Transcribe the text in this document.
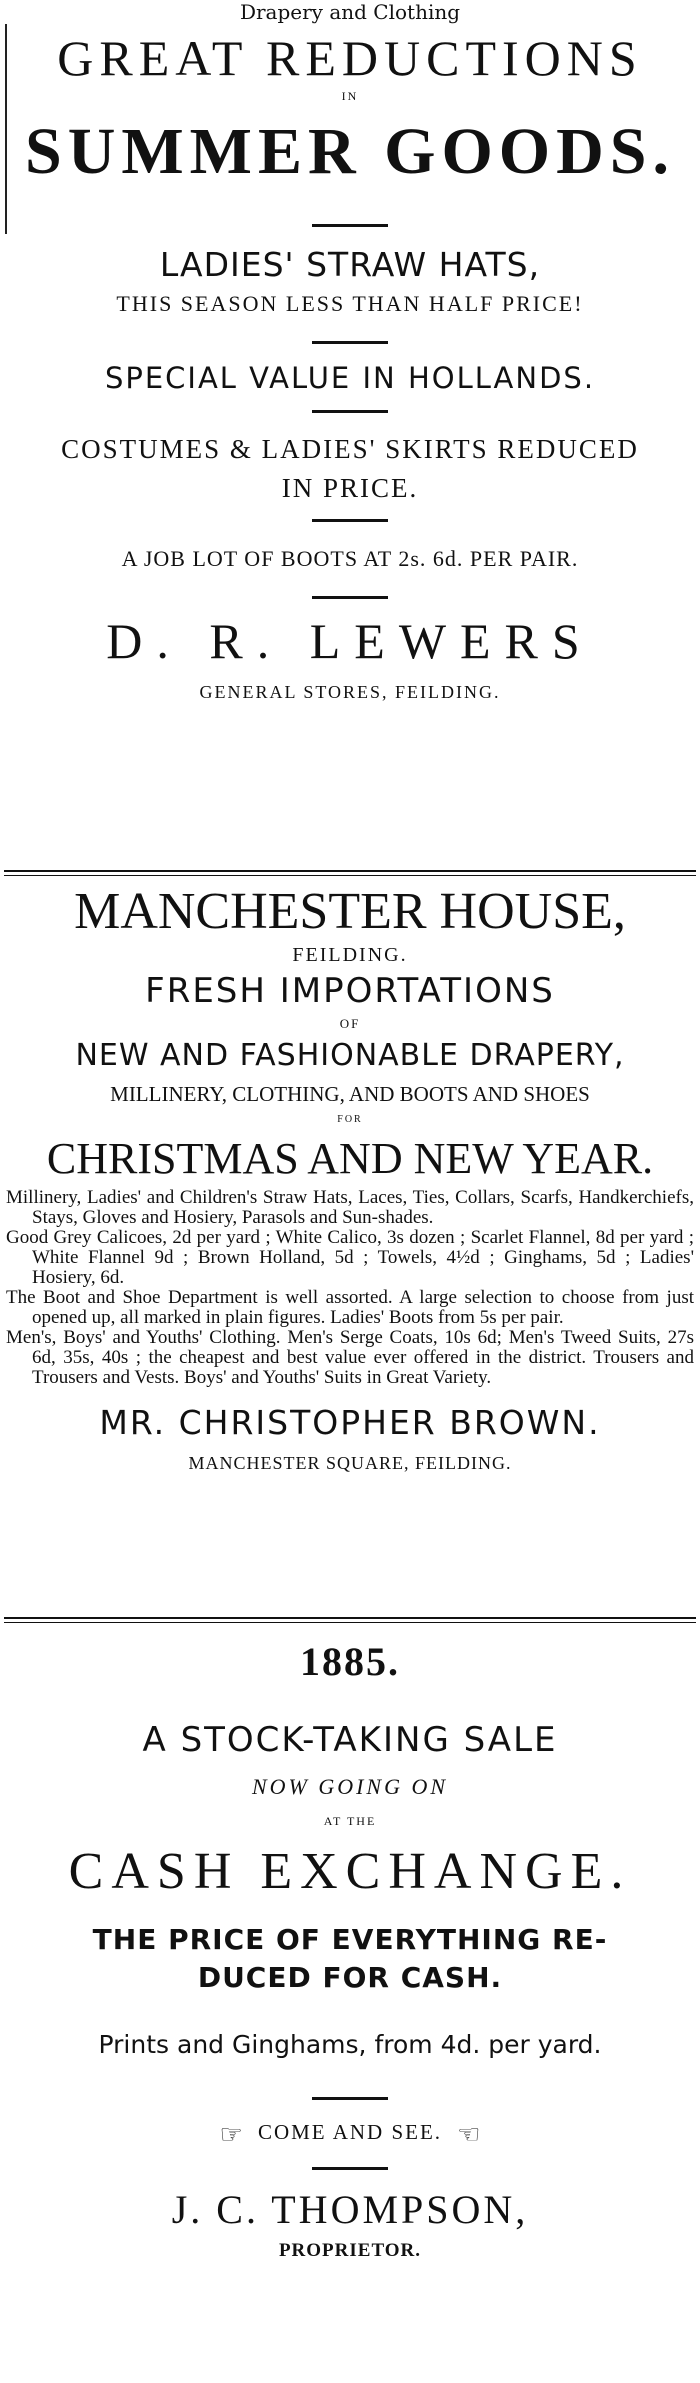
Drapery and Clothing
GREAT REDUCTIONS
IN
SUMMER GOODS.
LADIES' STRAW HATS,
THIS SEASON LESS THAN HALF PRICE!
SPECIAL VALUE IN HOLLANDS.
COSTUMES & LADIES' SKIRTS REDUCED
IN PRICE.
A JOB LOT OF BOOTS AT 2s. 6d. PER PAIR.
D. R. LEWERS
GENERAL STORES, FEILDING.
MANCHESTER HOUSE,
FEILDING.
FRESH IMPORTATIONS
OF
NEW AND FASHIONABLE DRAPERY,
MILLINERY, CLOTHING, AND BOOTS AND SHOES
FOR
CHRISTMAS AND NEW YEAR.

Millinery, Ladies' and Children's Straw Hats, Laces, Ties, Collars, Scarfs, Handkerchiefs, Stays, Gloves and Hosiery, Parasols and Sun-shades.

Good Grey Calicoes, 2d per yard ; White Calico, 3s dozen ; Scarlet Flannel, 8d per yard ; White Flannel 9d ; Brown Holland, 5d ; Towels, 4½d ; Ginghams, 5d ; Ladies' Hosiery, 6d.

The Boot and Shoe Department is well assorted. A large selection to choose from just opened up, all marked in plain figures. Ladies' Boots from 5s per pair.

Men's, Boys' and Youths' Clothing. Men's Serge Coats, 10s 6d; Men's Tweed Suits, 27s 6d, 35s, 40s ; the cheapest and best value ever offered in the district. Trousers and Trousers and Vests. Boys' and Youths' Suits in Great Variety.

MR. CHRISTOPHER BROWN.
MANCHESTER SQUARE, FEILDING.
1885.
A STOCK-TAKING SALE
NOW GOING ON
AT THE
CASH EXCHANGE.
THE PRICE OF EVERYTHING RE-
DUCED FOR CASH.
Prints and Ginghams, from 4d. per yard.
☞ COME AND SEE. ☜
J. C. THOMPSON,
PROPRIETOR.
